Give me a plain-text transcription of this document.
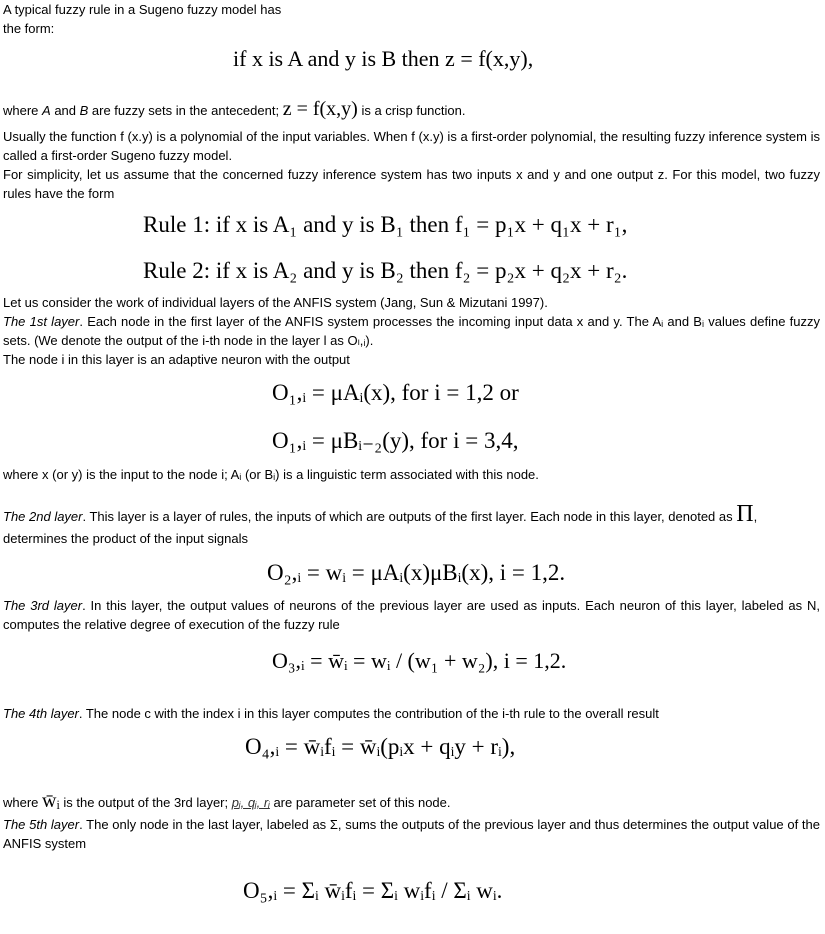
A typical fuzzy rule in a Sugeno fuzzy model has
the form:
if x is A and y is B then z = f(x,y),
where A and B are fuzzy sets in the antecedent; z = f(x,y) is a crisp function.
Usually the function f (x.y) is a polynomial of the input variables. When f (x.y) is a first-order polynomial, the resulting fuzzy inference system is called a first-order Sugeno fuzzy model.
For simplicity, let us assume that the concerned fuzzy inference system has two inputs x and y and one output z. For this model, two fuzzy rules have the form
Rule 1: if x is A₁ and y is B₁ then f₁ = p₁x + q₁x + r₁,
Rule 2: if x is A₂ and y is B₂ then f₂ = p₂x + q₂x + r₂.
Let us consider the work of individual layers of the ANFIS system (Jang, Sun & Mizutani 1997).
The 1st layer. Each node in the first layer of the ANFIS system processes the incoming input data x and y. The Aᵢ and Bᵢ values define fuzzy sets. (We denote the output of the i-th node in the layer l as Oₗ,ᵢ).
The node i in this layer is an adaptive neuron with the output
O₁,ᵢ = μAᵢ(x), for i = 1,2 or
O₁,ᵢ = μBᵢ₋₂(y), for i = 3,4,
where x (or y) is the input to the node i; Aᵢ (or Bᵢ) is a linguistic term associated with this node.
The 2nd layer. This layer is a layer of rules, the inputs of which are outputs of the first layer. Each node in this layer, denoted as Π,
determines the product of the input signals
O₂,ᵢ = wᵢ = μAᵢ(x)μBᵢ(x), i = 1,2.
The 3rd layer. In this layer, the output values of neurons of the previous layer are used as inputs. Each neuron of this layer, labeled as N, computes the relative degree of execution of the fuzzy rule
O₃,ᵢ = w̄ᵢ = wᵢ / (w₁ + w₂), i = 1,2.
The 4th layer. The node c with the index i in this layer computes the contribution of the i-th rule to the overall result
O₄,ᵢ = w̄ᵢfᵢ = w̄ᵢ(pᵢx + qᵢy + rᵢ),
where w̄ᵢ is the output of the 3rd layer; pᵢ, qᵢ, rᵢ are parameter set of this node.
The 5th layer. The only node in the last layer, labeled as Σ, sums the outputs of the previous layer and thus determines the output value of the ANFIS system
O₅,ᵢ = Σᵢ w̄ᵢfᵢ = Σᵢ wᵢfᵢ / Σᵢ wᵢ.
